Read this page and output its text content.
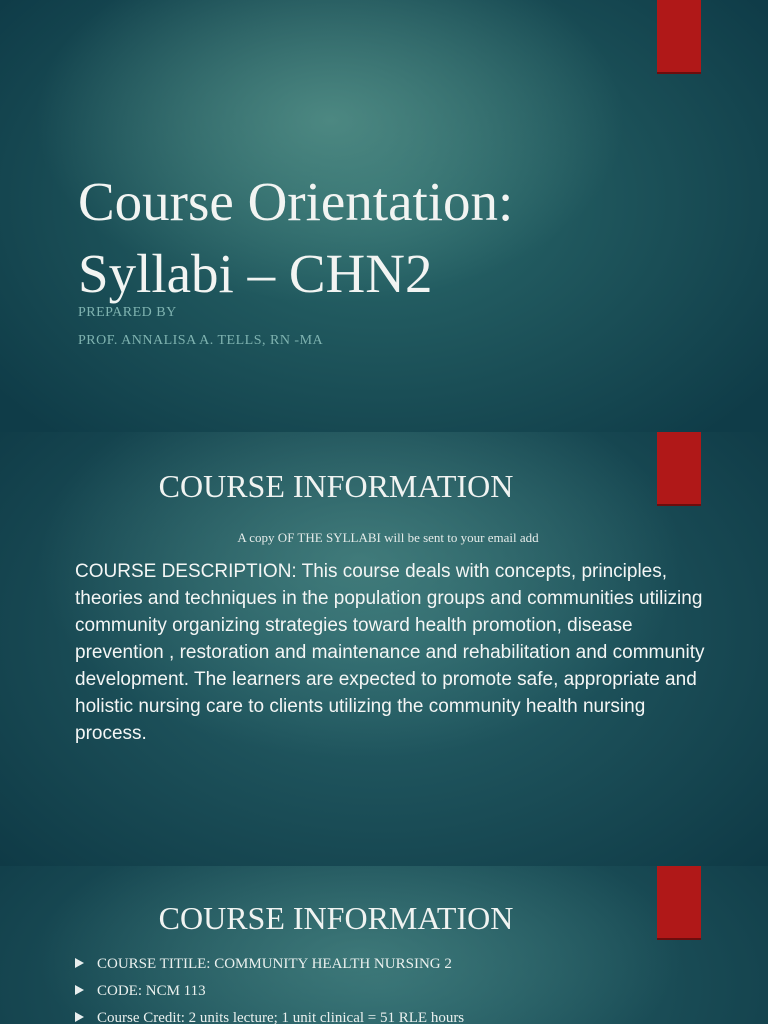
Course Orientation:
Syllabi – CHN2

PREPARED BY

PROF. ANNALISA A. TELLS, RN -MA

COURSE INFORMATION

A copy OF THE SYLLABI will be sent to your email add

COURSE DESCRIPTION: This course deals with concepts, principles, theories and techniques in the population groups and communities utilizing community organizing strategies toward health promotion, disease prevention , restoration and maintenance and rehabilitation and community development. The learners are expected to promote safe, appropriate and holistic nursing care to clients utilizing the community health nursing process.

COURSE INFORMATION
COURSE TITILE: COMMUNITY HEALTH NURSING 2
CODE: NCM 113
Course Credit: 2 units lecture; 1 unit clinical = 51 RLE hours
